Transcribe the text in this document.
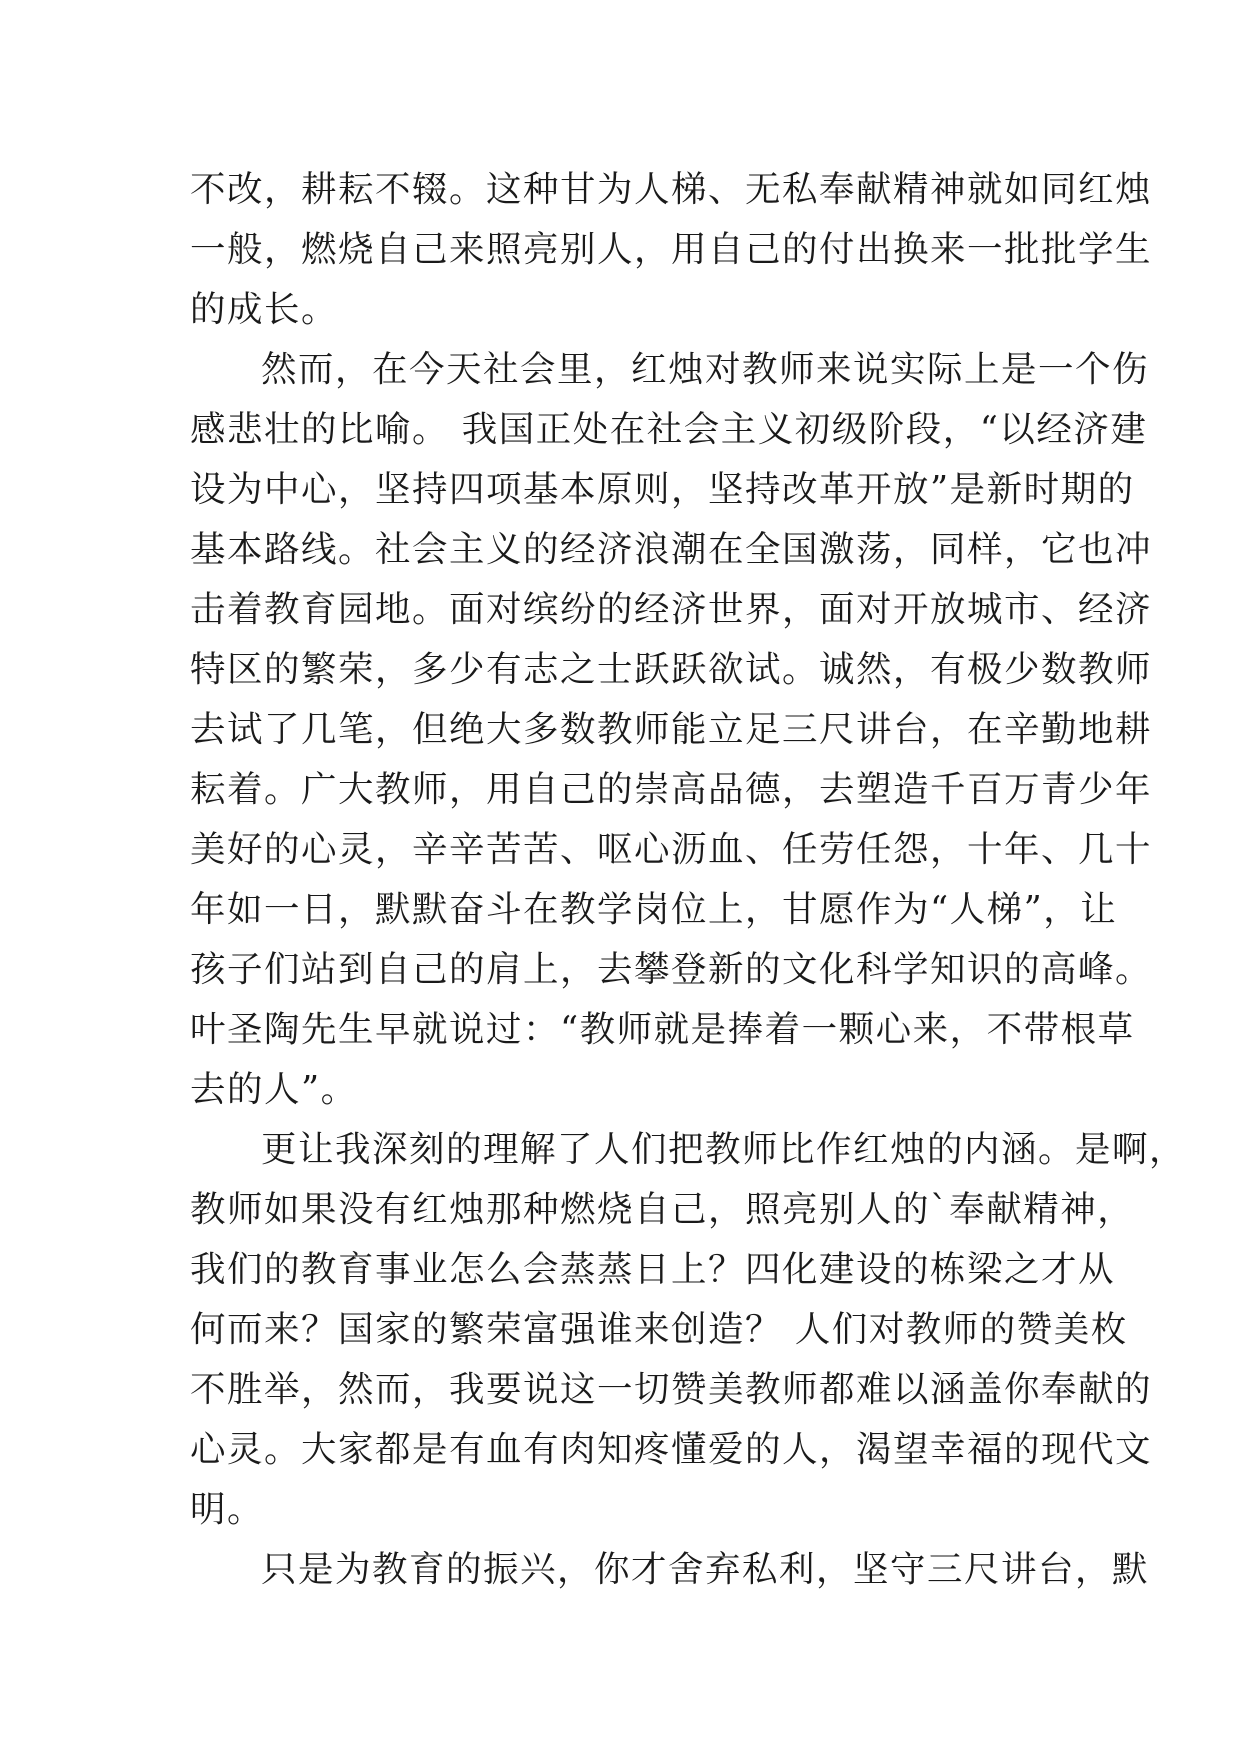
不改，耕耘不辍。这种甘为人梯、无私奉献精神就如同红烛
一般，燃烧自己来照亮别人，用自己的付出换来一批批学生
的成长。
然而，在今天社会里，红烛对教师来说实际上是一个伤
感悲壮的比喻。 我国正处在社会主义初级阶段，“以经济建
设为中心，坚持四项基本原则，坚持改革开放”是新时期的
基本路线。社会主义的经济浪潮在全国激荡，同样，它也冲
击着教育园地。面对缤纷的经济世界，面对开放城市、经济
特区的繁荣，多少有志之士跃跃欲试。诚然，有极少数教师
去试了几笔，但绝大多数教师能立足三尺讲台，在辛勤地耕
耘着。广大教师，用自己的崇高品德，去塑造千百万青少年
美好的心灵，辛辛苦苦、呕心沥血、任劳任怨，十年、几十
年如一日，默默奋斗在教学岗位上，甘愿作为“人梯”，让
孩子们站到自己的肩上，去攀登新的文化科学知识的高峰。
叶圣陶先生早就说过：“教师就是捧着一颗心来，不带根草
去的人”。
更让我深刻的理解了人们把教师比作红烛的内涵。是啊，
教师如果没有红烛那种燃烧自己，照亮别人的`奉献精神，
我们的教育事业怎么会蒸蒸日上？四化建设的栋梁之才从
何而来？国家的繁荣富强谁来创造？ 人们对教师的赞美枚
不胜举，然而，我要说这一切赞美教师都难以涵盖你奉献的
心灵。大家都是有血有肉知疼懂爱的人，渴望幸福的现代文
明。
只是为教育的振兴，你才舍弃私利，坚守三尺讲台，默
